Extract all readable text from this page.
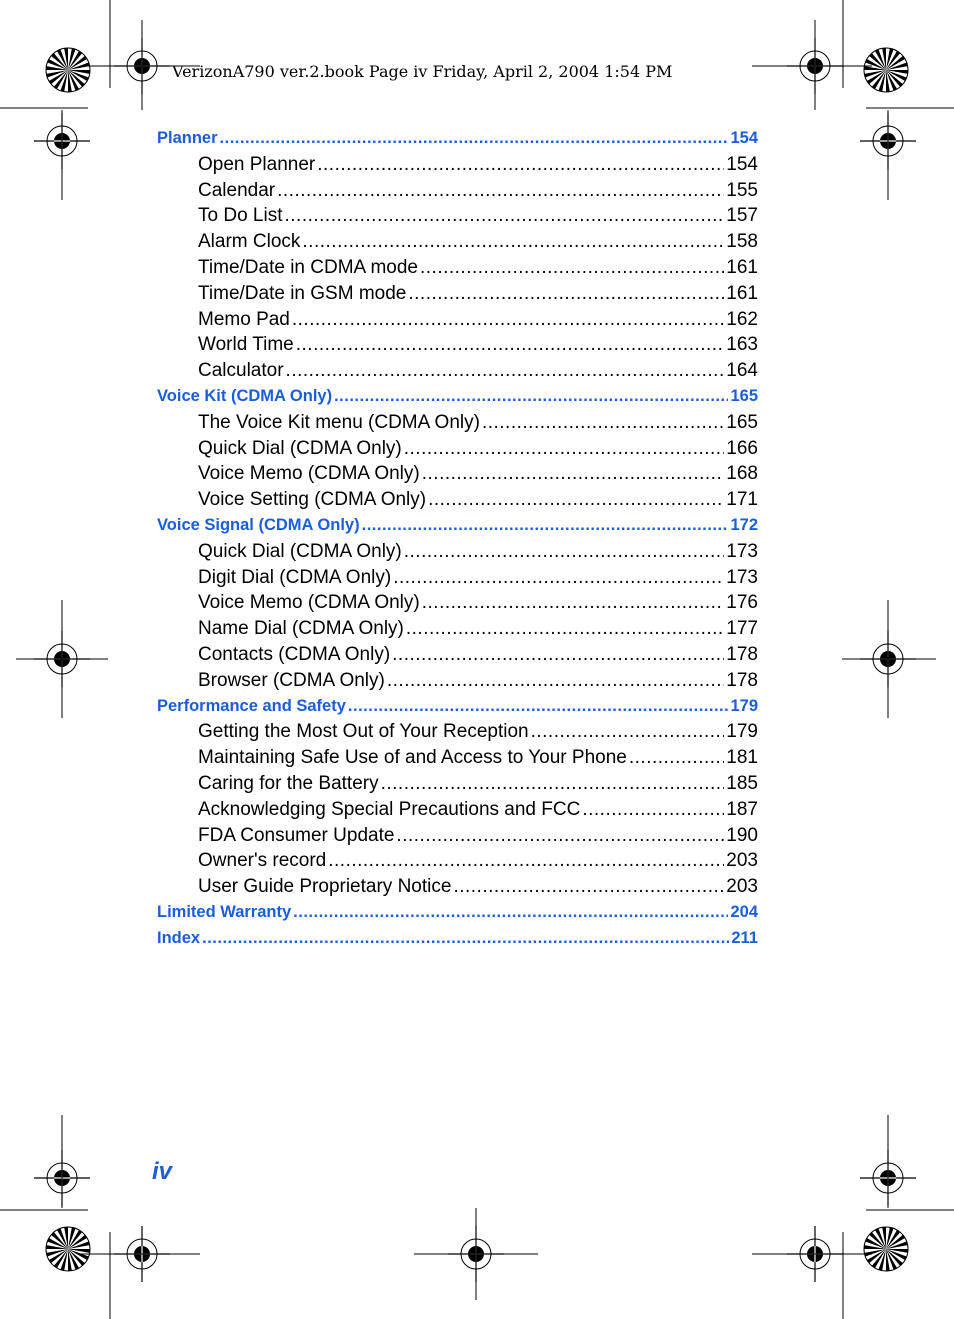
VerizonA790 ver.2.book Page iv Friday, April 2, 2004 1:54 PM
Planner .....	154
Open Planner .....	154
Calendar .....	155
To Do List .....	157
Alarm Clock .....	158
Time/Date in CDMA mode .....	161
Time/Date in GSM mode .....	161
Memo Pad .....	162
World Time .....	163
Calculator .....	164
Voice Kit (CDMA Only) .....	165
The Voice Kit menu (CDMA Only) .....	165
Quick Dial (CDMA Only) .....	166
Voice Memo (CDMA Only) .....	168
Voice Setting (CDMA Only) .....	171
Voice Signal (CDMA Only) .....	172
Quick Dial (CDMA Only) .....	173
Digit Dial (CDMA Only) .....	173
Voice Memo (CDMA Only) .....	176
Name Dial (CDMA Only) .....	177
Contacts (CDMA Only) .....	178
Browser (CDMA Only) .....	178
Performance and Safety .....	179
Getting the Most Out of Your Reception .....	179
Maintaining Safe Use of and Access to Your Phone .....	181
Caring for the Battery .....	185
Acknowledging Special Precautions and FCC .....	187
FDA Consumer Update .....	190
Owner's record .....	203
User Guide Proprietary Notice .....	203
Limited Warranty .....	204
Index .....	211
iv
